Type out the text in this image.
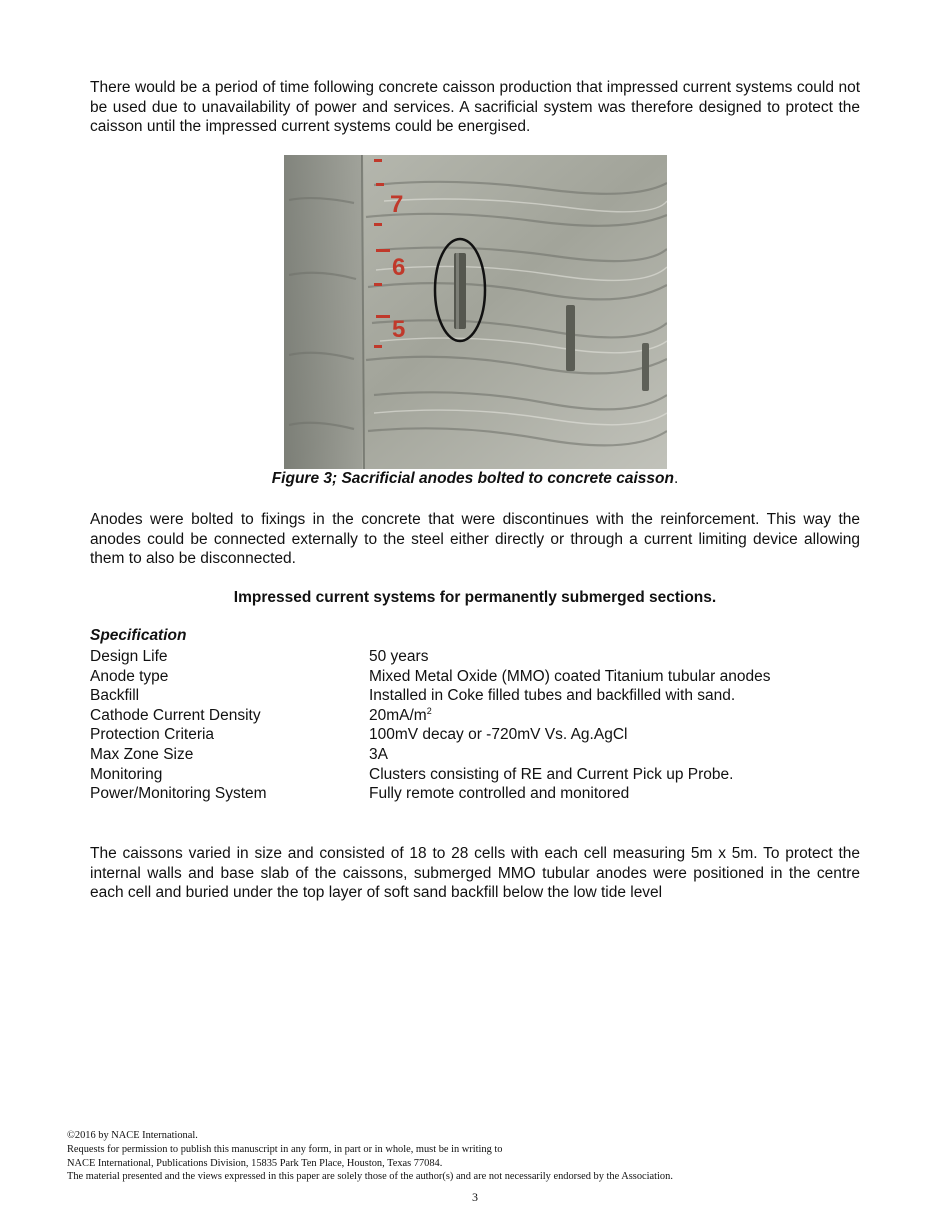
There would be a period of time following concrete caisson production that impressed current systems could not be used due to unavailability of power and services. A sacrificial system was therefore designed to protect the caisson until the impressed current systems could be energised.

7
6
5

Figure 3; Sacrificial anodes bolted to concrete caisson.

Anodes were bolted to fixings in the concrete that were discontinues with the reinforcement. This way the anodes could be connected externally to the steel either directly or through a current limiting device allowing them to also be disconnected.

Impressed current systems for permanently submerged sections.

Specification

Design Life	50 years
Anode type	Mixed Metal Oxide (MMO) coated Titanium tubular anodes
Backfill	Installed in Coke filled tubes and backfilled with sand.
Cathode Current Density	$20mA/m^2$
Protection Criteria	100mV decay or -720mV Vs. Ag.AgCl
Max Zone Size	3A
Monitoring	Clusters consisting of RE and Current Pick up Probe.
Power/Monitoring System	Fully remote controlled and monitored

The caissons varied in size and consisted of 18 to 28 cells with each cell measuring 5m x 5m. To protect the internal walls and base slab of the caissons, submerged MMO tubular anodes were positioned in the centre each cell and buried under the top layer of soft sand backfill below the low tide level

©2016 by NACE International.
Requests for permission to publish this manuscript in any form, in part or in whole, must be in writing to
NACE International, Publications Division, 15835 Park Ten Place, Houston, Texas 77084.
The material presented and the views expressed in this paper are solely those of the author(s) and are not necessarily endorsed by the Association.

3
